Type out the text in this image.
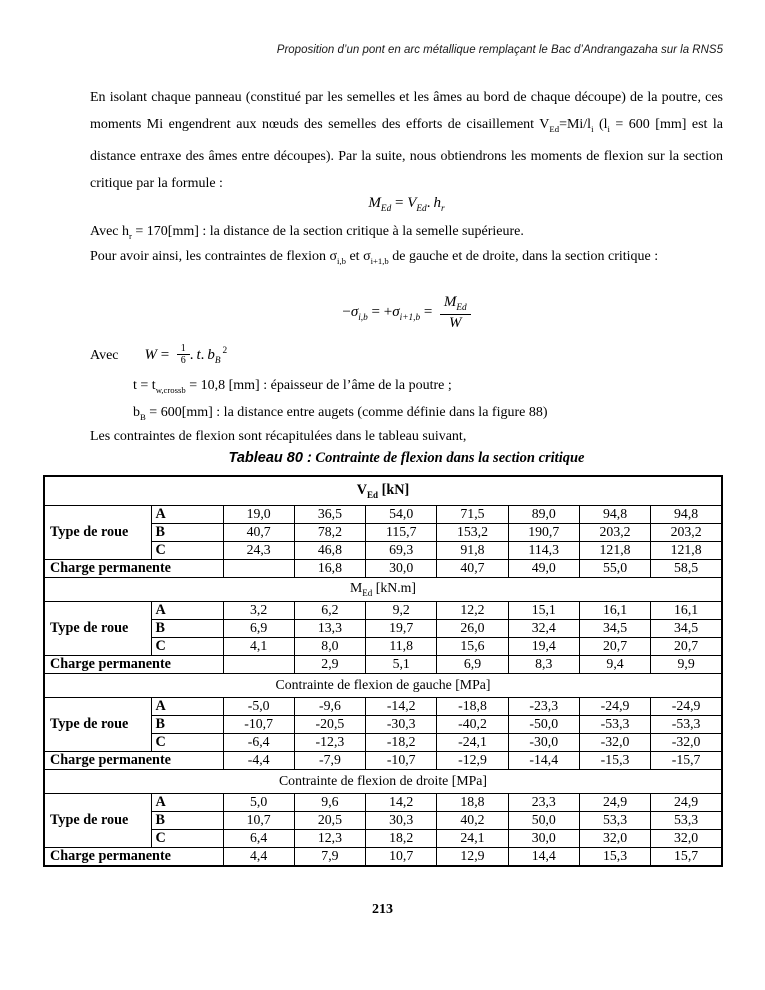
Proposition d’un pont en arc métallique remplaçant le Bac d’Andrangazaha sur la RNS5
En isolant chaque panneau (constitué par les semelles et les âmes au bord de chaque découpe) de la poutre, ces moments Mi engendrent aux nœuds des semelles des efforts de cisaillement $V_{Ed}=Mi/l_i$ ($l_i = 600$ [mm] est la distance entraxe des âmes entre découpes). Par la suite, nous obtiendrons les moments de flexion sur la section critique par la formule :
$M_{Ed} = V_{Ed}$. $h_r$
Avec $h_r = 170[mm]$ : la distance de la section critique à la semelle supérieure.
Pour avoir ainsi, les contraintes de flexion $\sigma_{i,b}$ et $\sigma_{i+1,b}$ de gauche et de droite, dans la section critique :
$-\sigma_{i,b} = +\sigma_{i+1,b}$ =  $\frac{M_{Ed}}{W}$
Avec W =  $\frac{1}{6}$ . t. $b_B$ $^2$
$t = t_{w,crossb} = 10,8$ [mm] : épaisseur de l’âme de la poutre ;
$b_B = 600[mm]$ : la distance entre augets (comme définie dans la figure 88)
Les contraintes de flexion sont récapitulées dans le tableau suivant,
Tableau 80 : Contrainte de flexion dans la section critique
$V_{Ed}$ [kN]								
Type de roue	A	19,0	36,5	54,0	71,5	89,0	94,8	94,8
	B	40,7	78,2	115,7	153,2	190,7	203,2	203,2
	C	24,3	46,8	69,3	91,8	114,3	121,8	121,8
Charge permanente			16,8	30,0	40,7	49,0	55,0	58,5
$M_{Ed}$ [kN.m]								
Type de roue	A	3,2	6,2	9,2	12,2	15,1	16,1	16,1
	B	6,9	13,3	19,7	26,0	32,4	34,5	34,5
	C	4,1	8,0	11,8	15,6	19,4	20,7	20,7
Charge permanente			2,9	5,1	6,9	8,3	9,4	9,9
Contrainte de flexion de gauche [MPa]								
Type de roue	A	-5,0	-9,6	-14,2	-18,8	-23,3	-24,9	-24,9
	B	-10,7	-20,5	-30,3	-40,2	-50,0	-53,3	-53,3
	C	-6,4	-12,3	-18,2	-24,1	-30,0	-32,0	-32,0
Charge permanente		-4,4	-7,9	-10,7	-12,9	-14,4	-15,3	-15,7
Contrainte de flexion de droite [MPa]								
Type de roue	A	5,0	9,6	14,2	18,8	23,3	24,9	24,9
	B	10,7	20,5	30,3	40,2	50,0	53,3	53,3
	C	6,4	12,3	18,2	24,1	30,0	32,0	32,0
Charge permanente		4,4	7,9	10,7	12,9	14,4	15,3	15,7
213
